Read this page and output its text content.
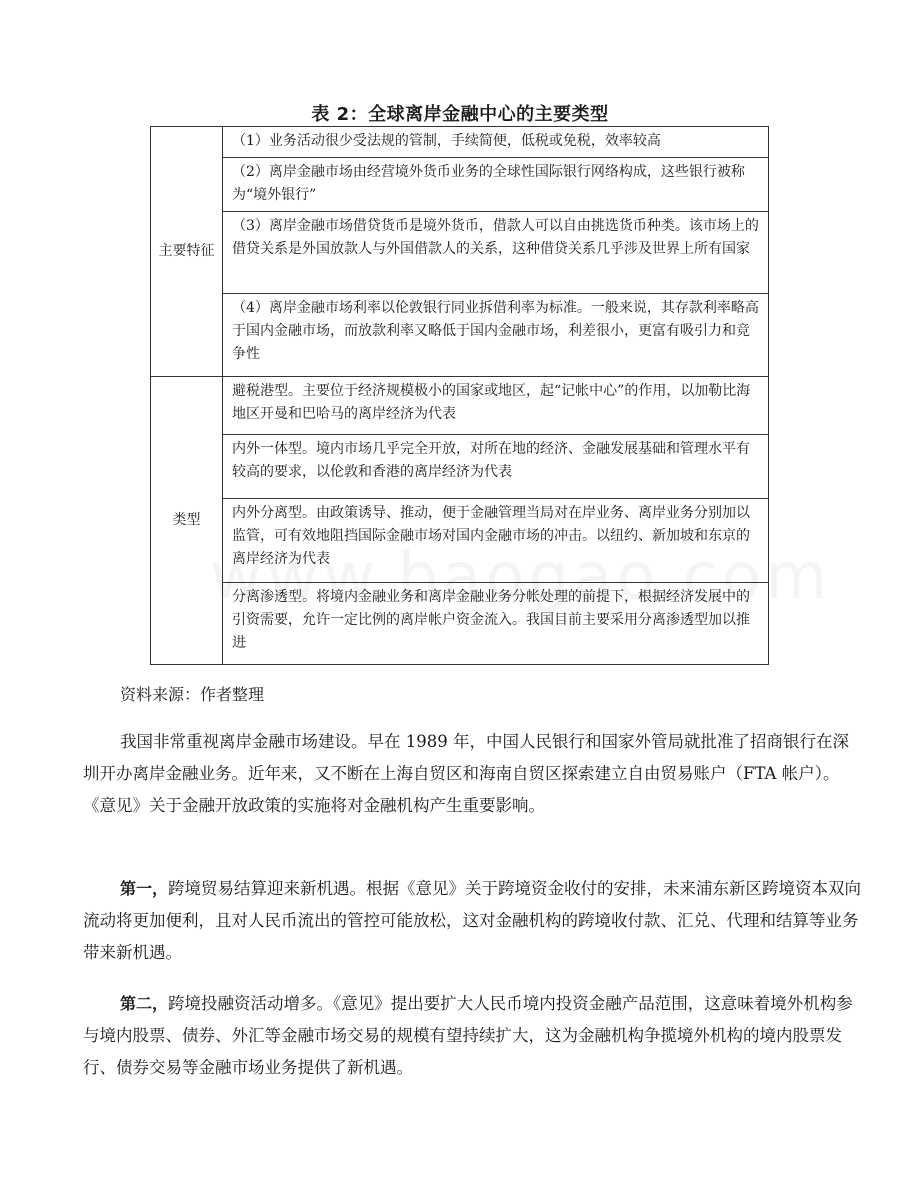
表 2：全球离岸金融中心的主要类型
主要特征	（1）业务活动很少受法规的管制，手续简便，低税或免税，效率较高
	（2）离岸金融市场由经营境外货币业务的全球性国际银行网络构成，这些银行被称为“境外银行”
	（3）离岸金融市场借贷货币是境外货币，借款人可以自由挑选货币种类。该市场上的借贷关系是外国放款人与外国借款人的关系，这种借贷关系几乎涉及世界上所有国家
	（4）离岸金融市场利率以伦敦银行同业拆借利率为标准。一般来说，其存款利率略高于国内金融市场，而放款利率又略低于国内金融市场，利差很小，更富有吸引力和竞争性
类型	避税港型。主要位于经济规模极小的国家或地区，起“记帐中心”的作用，以加勒比海地区开曼和巴哈马的离岸经济为代表
	内外一体型。境内市场几乎完全开放，对所在地的经济、金融发展基础和管理水平有较高的要求，以伦敦和香港的离岸经济为代表
	内外分离型。由政策诱导、推动，便于金融管理当局对在岸业务、离岸业务分别加以监管，可有效地阻挡国际金融市场对国内金融市场的冲击。以纽约、新加坡和东京的离岸经济为代表
	分离渗透型。将境内金融业务和离岸金融业务分帐处理的前提下，根据经济发展中的引资需要，允许一定比例的离岸帐户资金流入。我国目前主要采用分离渗透型加以推进
资料来源：作者整理

我国非常重视离岸金融市场建设。早在 1989 年，中国人民银行和国家外管局就批准了招商银行在深圳开办离岸金融业务。近年来，又不断在上海自贸区和海南自贸区探索建立自由贸易账户（FTA 帐户）。《意见》关于金融开放政策的实施将对金融机构产生重要影响。

第一，跨境贸易结算迎来新机遇。根据《意见》关于跨境资金收付的安排，未来浦东新区跨境资本双向流动将更加便利，且对人民币流出的管控可能放松，这对金融机构的跨境收付款、汇兑、代理和结算等业务带来新机遇。

第二，跨境投融资活动增多。《意见》提出要扩大人民币境内投资金融产品范围，这意味着境外机构参与境内股票、债券、外汇等金融市场交易的规模有望持续扩大，这为金融机构争揽境外机构的境内股票发行、债券交易等金融市场业务提供了新机遇。
